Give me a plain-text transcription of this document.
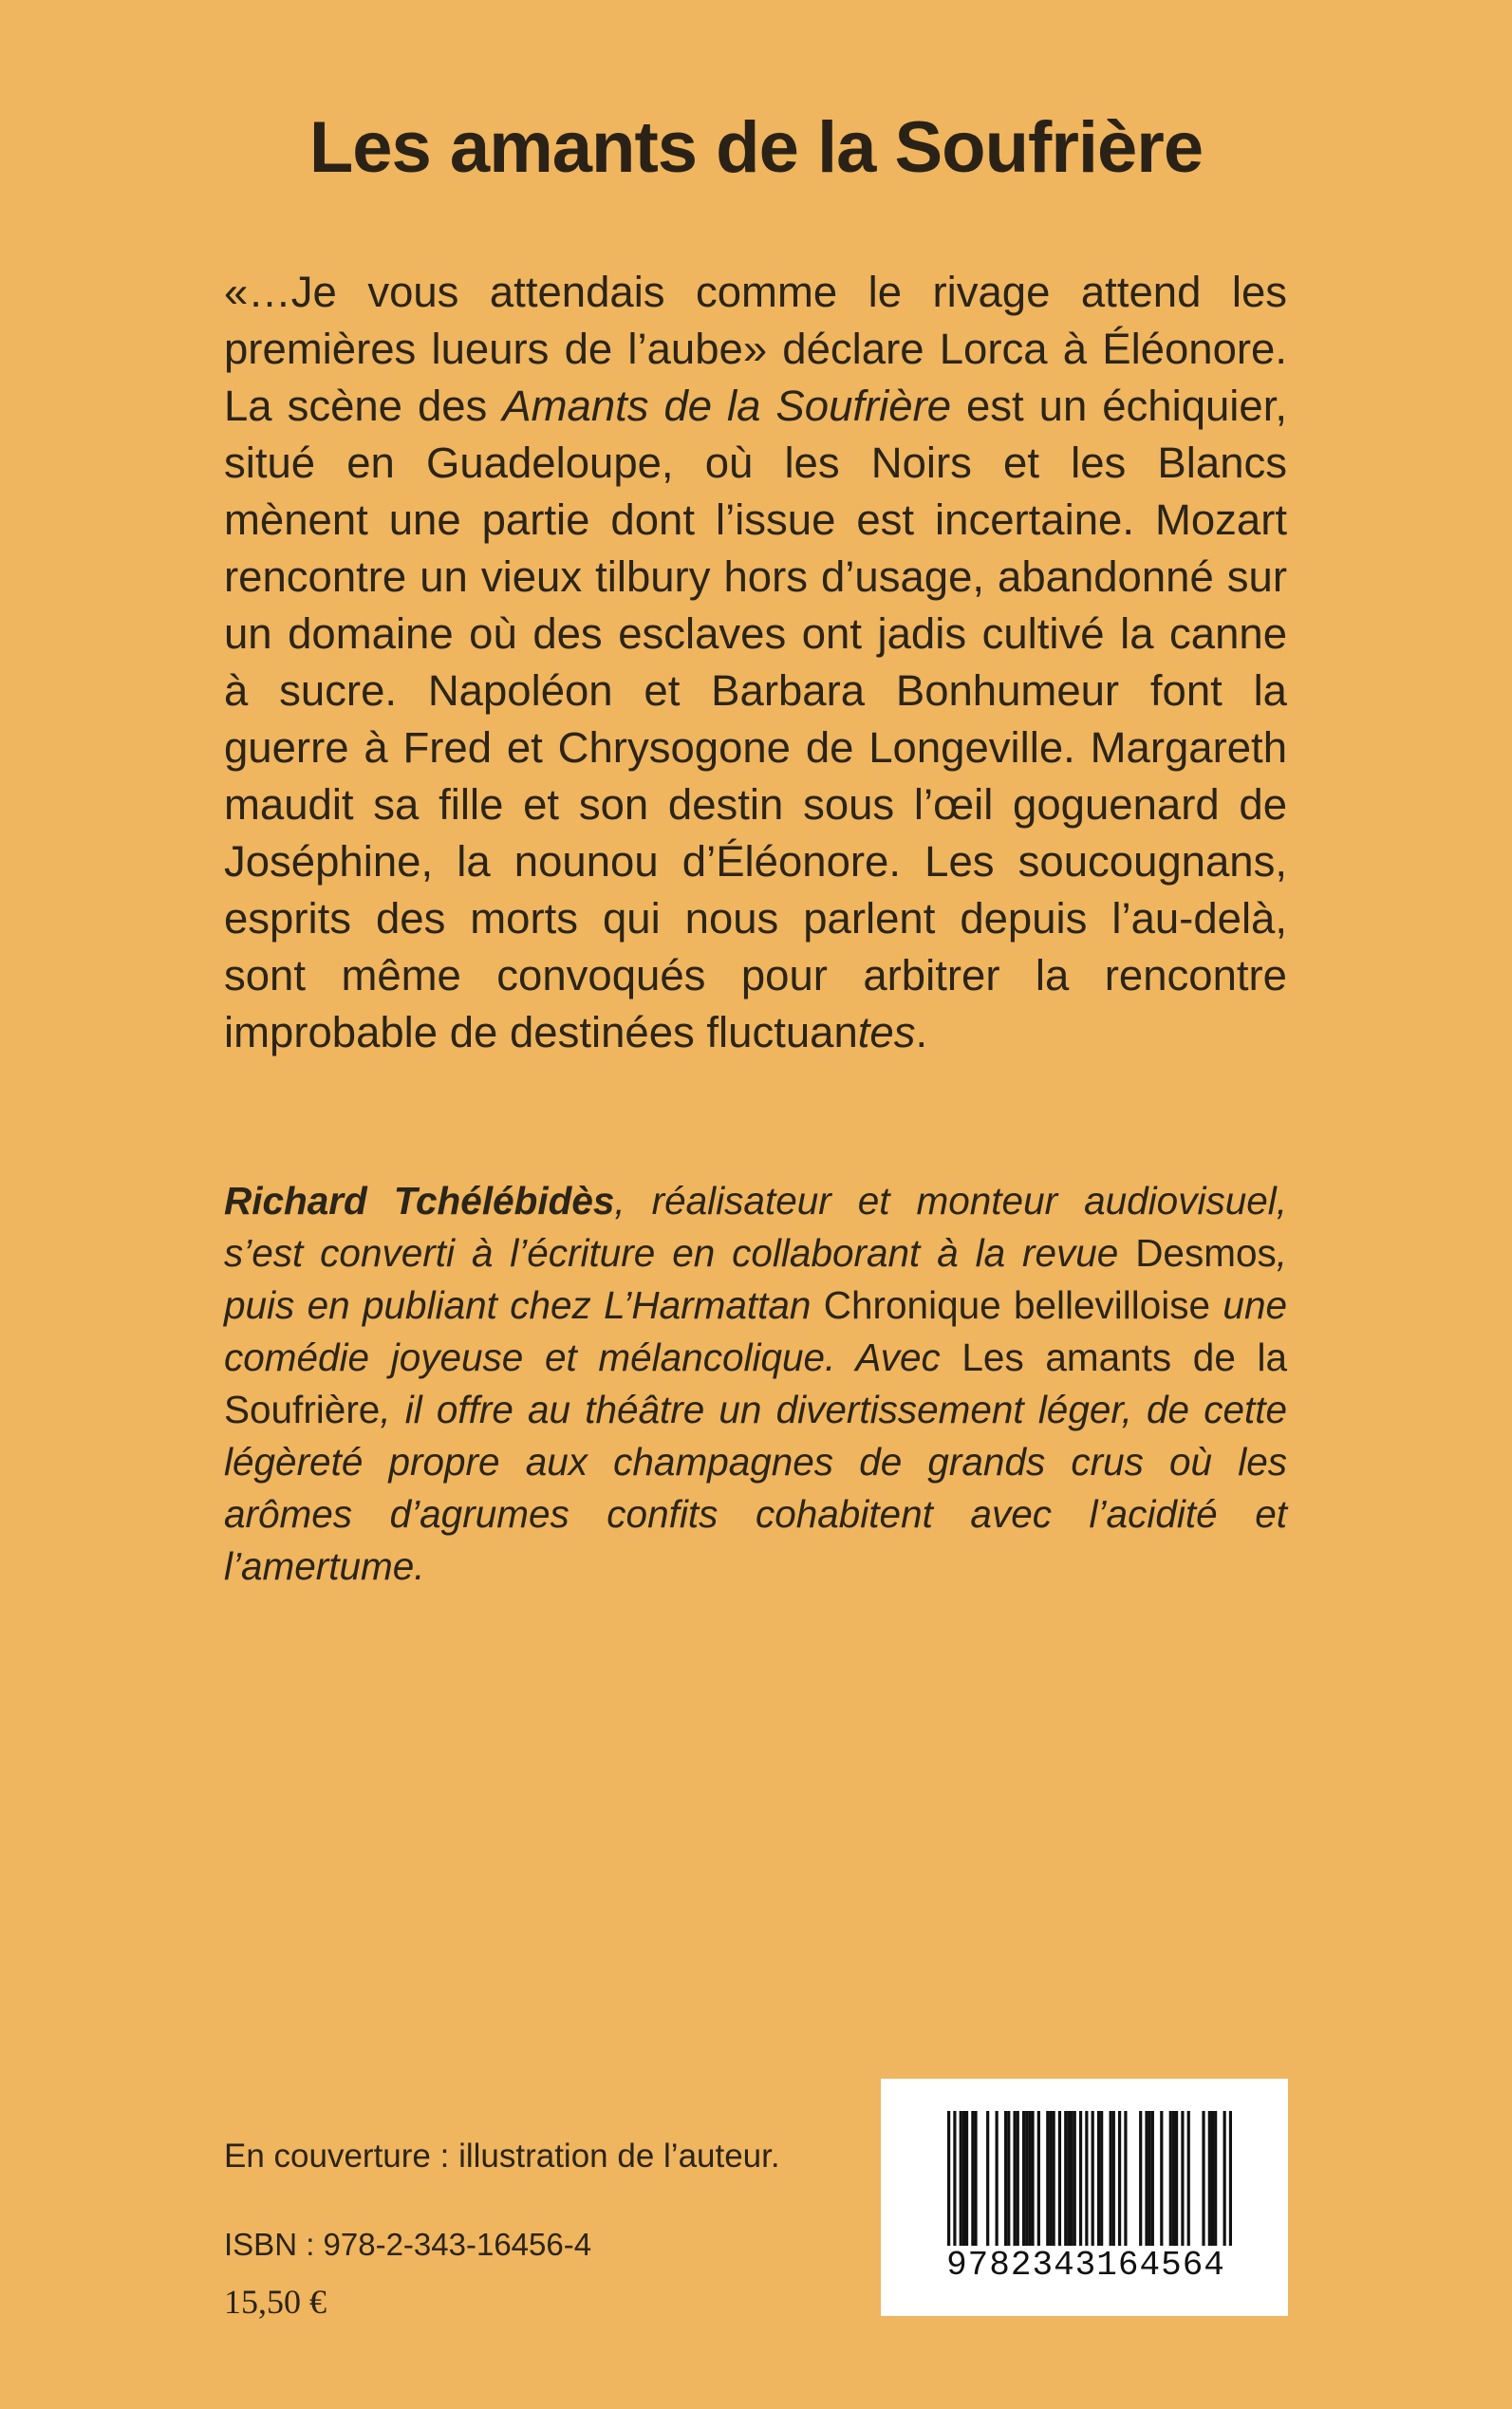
Les amants de la Soufrière

«…Je vous attendais comme le rivage attend les premières lueurs de l’aube» déclare Lorca à Éléonore. La scène des Amants de la Soufrière est un échiquier, situé en Guadeloupe, où les Noirs et les Blancs mènent une partie dont l’issue est incertaine. Mozart rencontre un vieux tilbury hors d’usage, abandonné sur un domaine où des esclaves ont jadis cultivé la canne à sucre. Napoléon et Barbara Bonhumeur font la guerre à Fred et Chrysogone de Longeville. Margareth maudit sa fille et son destin sous l’œil goguenard de Joséphine, la nounou d’Éléonore. Les soucougnans, esprits des morts qui nous parlent depuis l’au-delà, sont même convoqués pour arbitrer la rencontre improbable de destinées fluctuantes.

Richard Tchélébidès, réalisateur et monteur audiovisuel, s’est converti à l’écriture en collaborant à la revue Desmos, puis en publiant chez L’Harmattan Chronique bellevilloise une comédie joyeuse et mélancolique. Avec Les amants de la Soufrière, il offre au théâtre un divertissement léger, de cette légèreté propre aux champagnes de grands crus où les arômes d’agrumes confits cohabitent avec l’acidité et l’amertume.

En couverture : illustration de l’auteur.

ISBN : 978-2-343-16456-4

15,50 €

9782343164564
